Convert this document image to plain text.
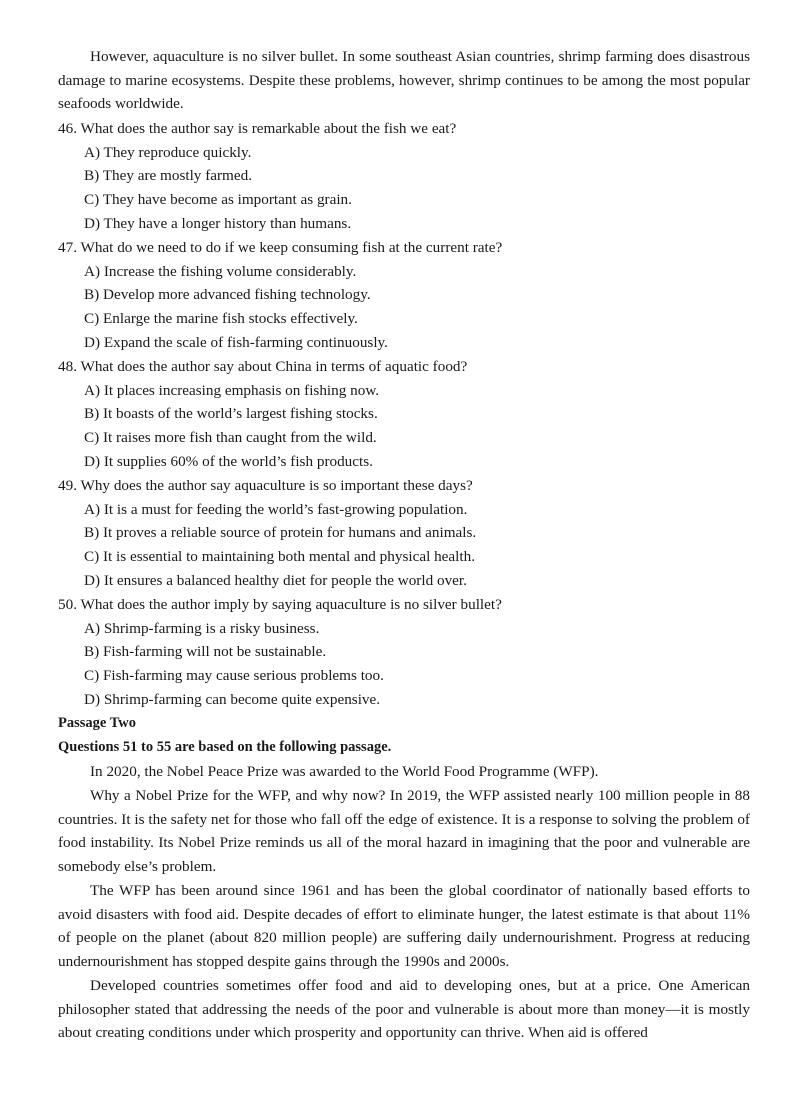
However, aquaculture is no silver bullet. In some southeast Asian countries, shrimp farming does disastrous damage to marine ecosystems. Despite these problems, however, shrimp continues to be among the most popular seafoods worldwide.

46. What does the author say is remarkable about the fish we eat?
A) They reproduce quickly.
B) They are mostly farmed.
C) They have become as important as grain.
D) They have a longer history than humans.
47. What do we need to do if we keep consuming fish at the current rate?
A) Increase the fishing volume considerably.
B) Develop more advanced fishing technology.
C) Enlarge the marine fish stocks effectively.
D) Expand the scale of fish-farming continuously.
48. What does the author say about China in terms of aquatic food?
A) It places increasing emphasis on fishing now.
B) It boasts of the world’s largest fishing stocks.
C) It raises more fish than caught from the wild.
D) It supplies 60% of the world’s fish products.
49. Why does the author say aquaculture is so important these days?
A) It is a must for feeding the world’s fast-growing population.
B) It proves a reliable source of protein for humans and animals.
C) It is essential to maintaining both mental and physical health.
D) It ensures a balanced healthy diet for people the world over.
50. What does the author imply by saying aquaculture is no silver bullet?
A) Shrimp-farming is a risky business.
B) Fish-farming will not be sustainable.
C) Fish-farming may cause serious problems too.
D) Shrimp-farming can become quite expensive.
Passage Two
Questions 51 to 55 are based on the following passage.

In 2020, the Nobel Peace Prize was awarded to the World Food Programme (WFP).

Why a Nobel Prize for the WFP, and why now? In 2019, the WFP assisted nearly 100 million people in 88 countries. It is the safety net for those who fall off the edge of existence. It is a response to solving the problem of food instability. Its Nobel Prize reminds us all of the moral hazard in imagining that the poor and vulnerable are somebody else’s problem.

The WFP has been around since 1961 and has been the global coordinator of nationally based efforts to avoid disasters with food aid. Despite decades of effort to eliminate hunger, the latest estimate is that about 11% of people on the planet (about 820 million people) are suffering daily undernourishment. Progress at reducing undernourishment has stopped despite gains through the 1990s and 2000s.

Developed countries sometimes offer food and aid to developing ones, but at a price. One American philosopher stated that addressing the needs of the poor and vulnerable is about more than money—it is mostly about creating conditions under which prosperity and opportunity can thrive. When aid is offered
